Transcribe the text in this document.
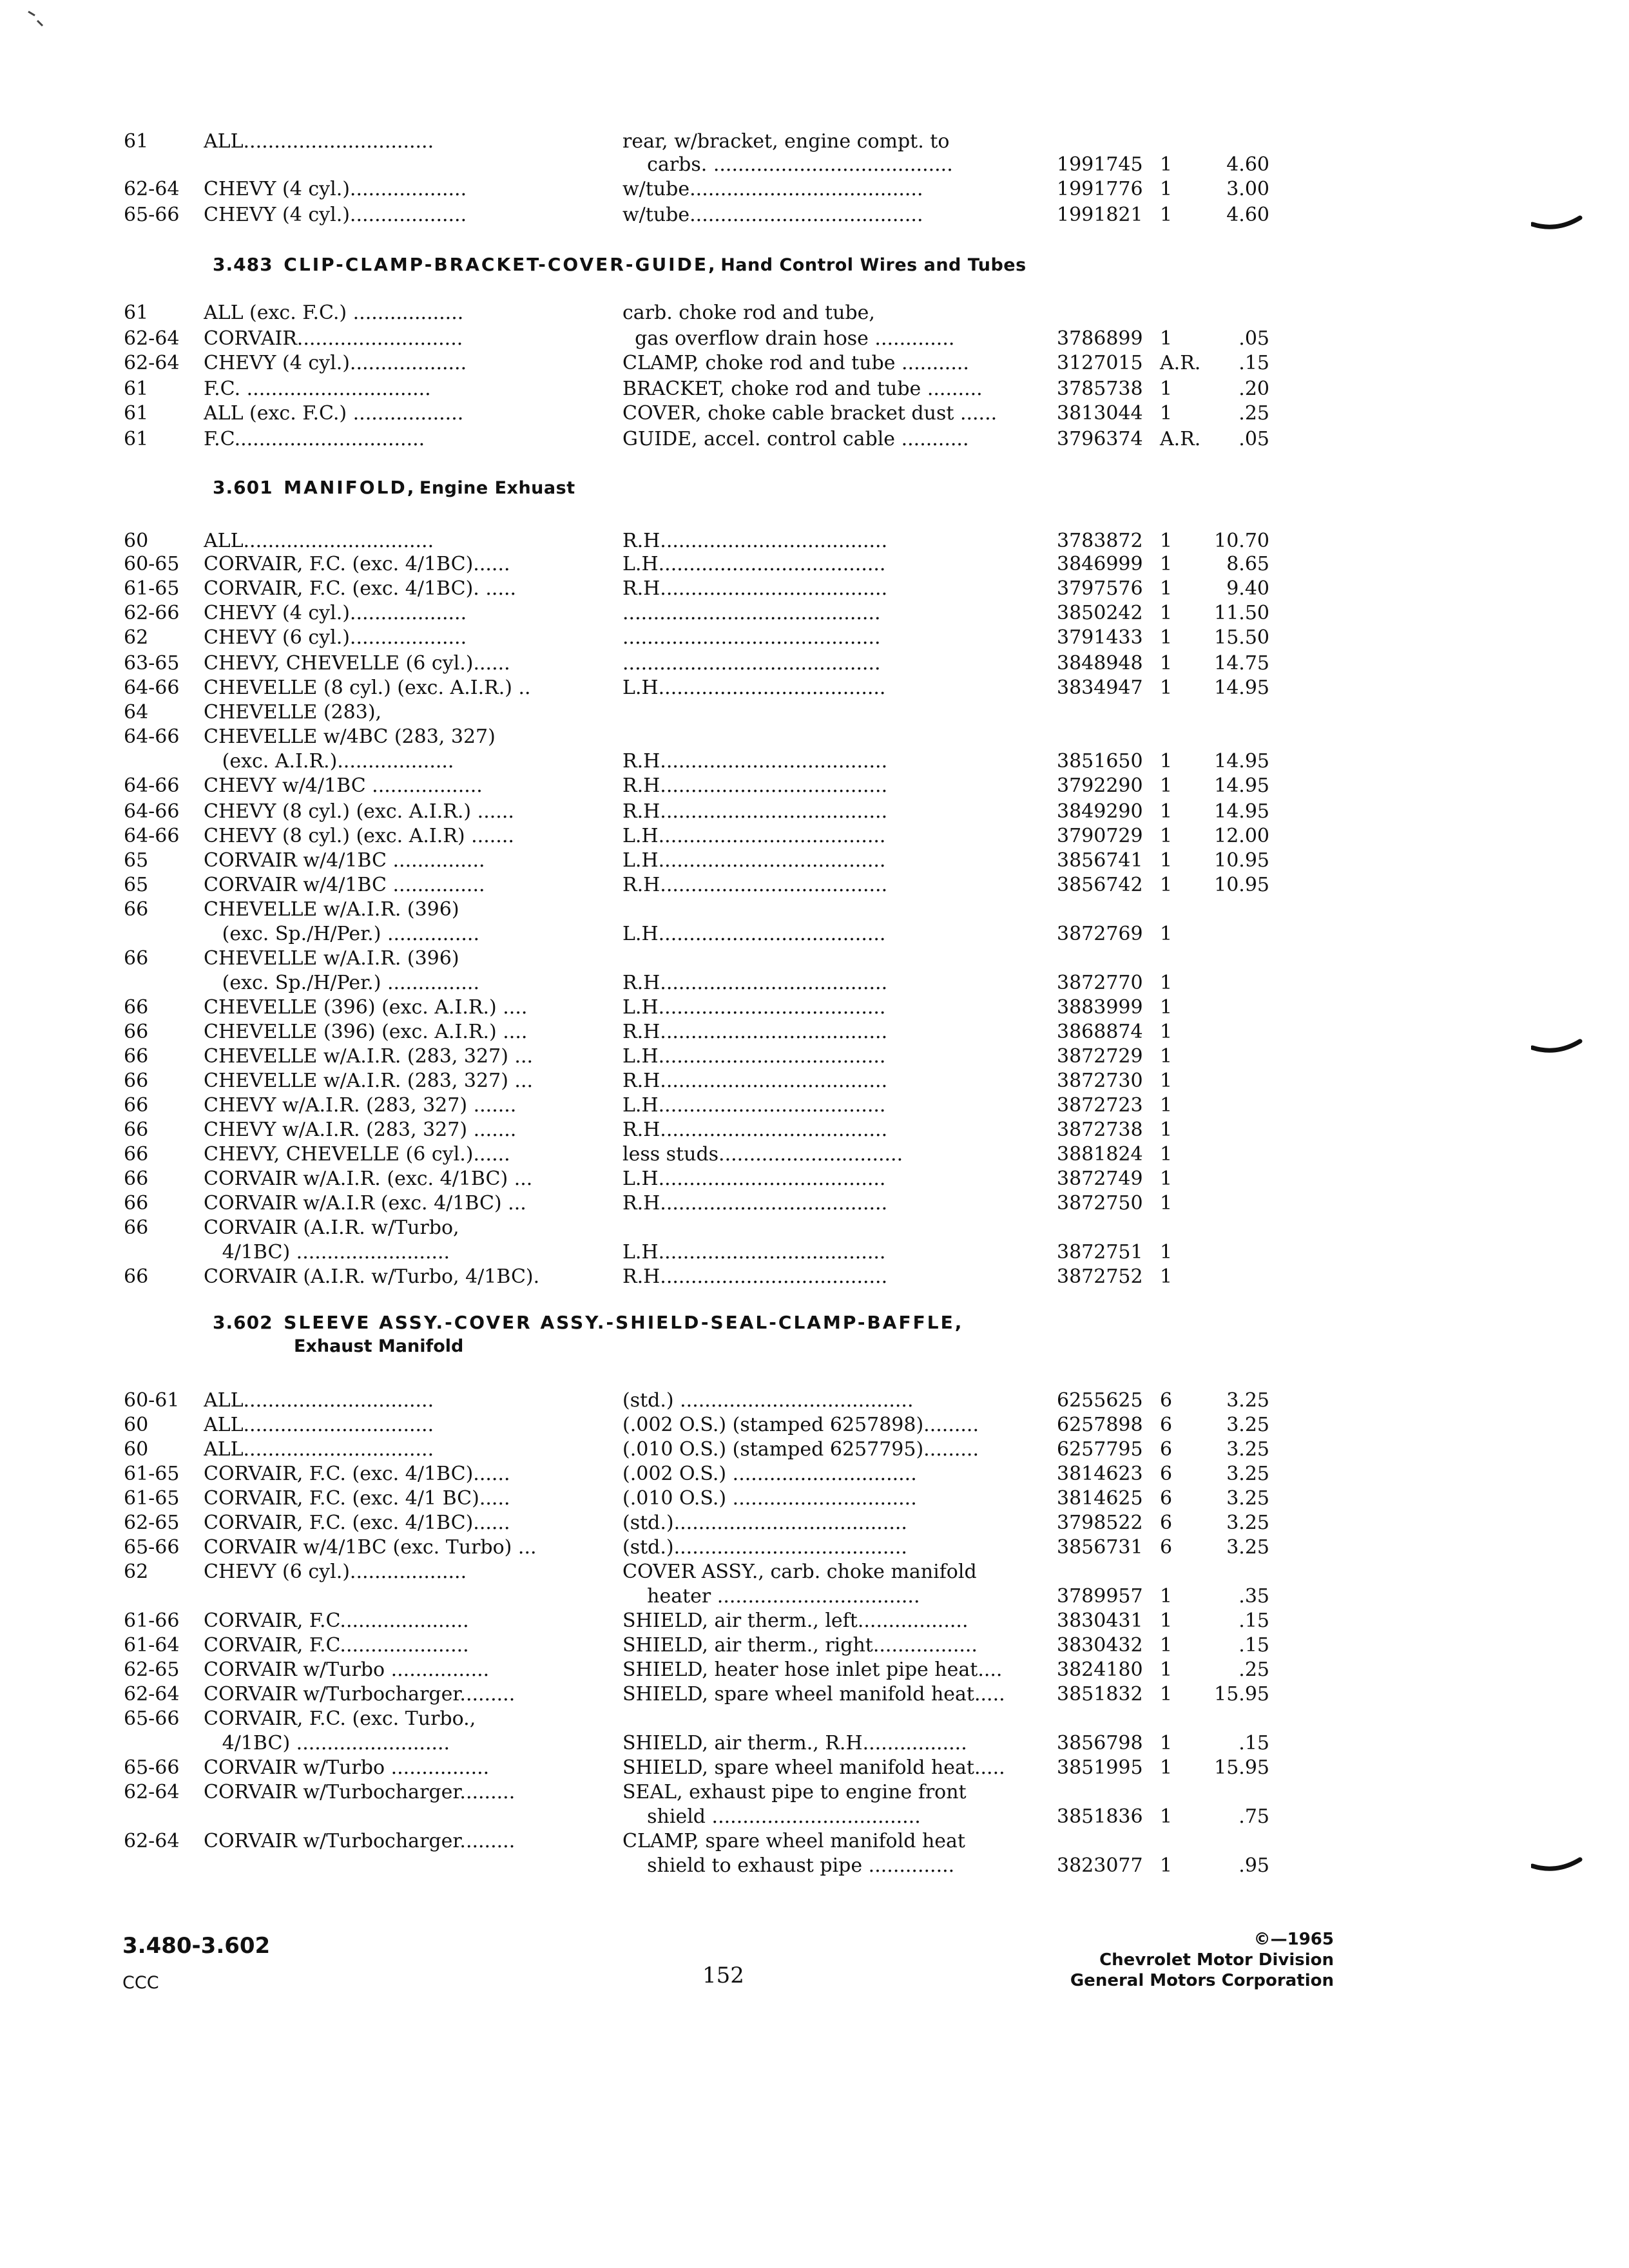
61	ALL...............................	rear, w/bracket, engine compt. to
carbs. .......................................	1991745 1	4.60
62-64 CHEVY (4 cyl.)...................	w/tube......................................	1991776 1	3.00
65-66 CHEVY (4 cyl.)...................	w/tube......................................	1991821 1	4.60
3.483 CLIP-CLAMP-BRACKET-COVER-GUIDE, Hand Control Wires and Tubes
61	ALL (exc. F.C.) ..................	carb. choke rod and tube,
62-64 CORVAIR...........................	gas overflow drain hose .............	3786899 1	.05
62-64 CHEVY (4 cyl.)...................	CLAMP, choke rod and tube ...........	3127015 A.R.	.15
61	F.C. ..............................	BRACKET, choke rod and tube .........	3785738 1	.20
61	ALL (exc. F.C.) ..................	COVER, choke cable bracket dust ......	3813044 1	.25
61	F.C...............................	GUIDE, accel. control cable ...........	3796374 A.R.	.05
3.601 MANIFOLD, Engine Exhuast
60	ALL...............................	R.H.....................................	3783872 1	10.70
60-65 CORVAIR, F.C. (exc. 4/1BC)......	L.H.....................................	3846999 1	8.65
61-65 CORVAIR, F.C. (exc. 4/1BC). .....	R.H.....................................	3797576 1	9.40
62-66 CHEVY (4 cyl.)...................	..........................................	3850242 1	11.50
62	CHEVY (6 cyl.)...................	..........................................	3791433 1	15.50
63-65 CHEVY, CHEVELLE (6 cyl.)......	..........................................	3848948 1	14.75
64-66 CHEVELLE (8 cyl.) (exc. A.I.R.) ..	L.H.....................................	3834947 1	14.95
64	CHEVELLE (283),
64-66 CHEVELLE w/4BC (283, 327)
(exc. A.I.R.)...................	R.H.....................................	3851650 1	14.95
64-66 CHEVY w/4/1BC ..................	R.H.....................................	3792290 1	14.95
64-66 CHEVY (8 cyl.) (exc. A.I.R.) ......	R.H.....................................	3849290 1	14.95
64-66 CHEVY (8 cyl.) (exc. A.I.R) .......	L.H.....................................	3790729 1	12.00
65	CORVAIR w/4/1BC ...............	L.H.....................................	3856741 1	10.95
65	CORVAIR w/4/1BC ...............	R.H.....................................	3856742 1	10.95
66	CHEVELLE w/A.I.R. (396)
(exc. Sp./H/Per.) ...............	L.H.....................................	3872769 1
66	CHEVELLE w/A.I.R. (396)
(exc. Sp./H/Per.) ...............	R.H.....................................	3872770 1
66	CHEVELLE (396) (exc. A.I.R.) ....	L.H.....................................	3883999 1
66	CHEVELLE (396) (exc. A.I.R.) ....	R.H.....................................	3868874 1
66	CHEVELLE w/A.I.R. (283, 327) ...	L.H.....................................	3872729 1
66	CHEVELLE w/A.I.R. (283, 327) ...	R.H.....................................	3872730 1
66	CHEVY w/A.I.R. (283, 327) .......	L.H.....................................	3872723 1
66	CHEVY w/A.I.R. (283, 327) .......	R.H.....................................	3872738 1
66	CHEVY, CHEVELLE (6 cyl.)......	less studs..............................	3881824 1
66	CORVAIR w/A.I.R. (exc. 4/1BC) ...	L.H.....................................	3872749 1
66	CORVAIR w/A.I.R (exc. 4/1BC) ...	R.H.....................................	3872750 1
66	CORVAIR (A.I.R. w/Turbo,
4/1BC) .........................	L.H.....................................	3872751 1
66	CORVAIR (A.I.R. w/Turbo, 4/1BC).	R.H.....................................	3872752 1
3.602 SLEEVE ASSY.-COVER ASSY.-SHIELD-SEAL-CLAMP-BAFFLE,
Exhaust Manifold
60-61 ALL...............................	(std.) ......................................	6255625 6	3.25
60	ALL...............................	(.002 O.S.) (stamped 6257898).........	6257898 6	3.25
60	ALL...............................	(.010 O.S.) (stamped 6257795).........	6257795 6	3.25
61-65 CORVAIR, F.C. (exc. 4/1BC)......	(.002 O.S.) ..............................	3814623 6	3.25
61-65 CORVAIR, F.C. (exc. 4/1 BC).....	(.010 O.S.) ..............................	3814625 6	3.25
62-65 CORVAIR, F.C. (exc. 4/1BC)......	(std.)......................................	3798522 6	3.25
65-66 CORVAIR w/4/1BC (exc. Turbo) ...	(std.)......................................	3856731 6	3.25
62	CHEVY (6 cyl.)...................	COVER ASSY., carb. choke manifold
heater .................................	3789957 1	.35
61-66 CORVAIR, F.C.....................	SHIELD, air therm., left..................	3830431 1	.15
61-64 CORVAIR, F.C.....................	SHIELD, air therm., right.................	3830432 1	.15
62-65 CORVAIR w/Turbo ................	SHIELD, heater hose inlet pipe heat....	3824180 1	.25
62-64 CORVAIR w/Turbocharger.........	SHIELD, spare wheel manifold heat.....	3851832 1	15.95
65-66 CORVAIR, F.C. (exc. Turbo.,
4/1BC) .........................	SHIELD, air therm., R.H.................	3856798 1	.15
65-66 CORVAIR w/Turbo ................	SHIELD, spare wheel manifold heat.....	3851995 1	15.95
62-64 CORVAIR w/Turbocharger.........	SEAL, exhaust pipe to engine front
shield ..................................	3851836 1	.75
62-64 CORVAIR w/Turbocharger.........	CLAMP, spare wheel manifold heat
shield to exhaust pipe ..............	3823077 1	.95
3.480-3.602
CCC	152
©—1965
Chevrolet Motor Division
General Motors Corporation
